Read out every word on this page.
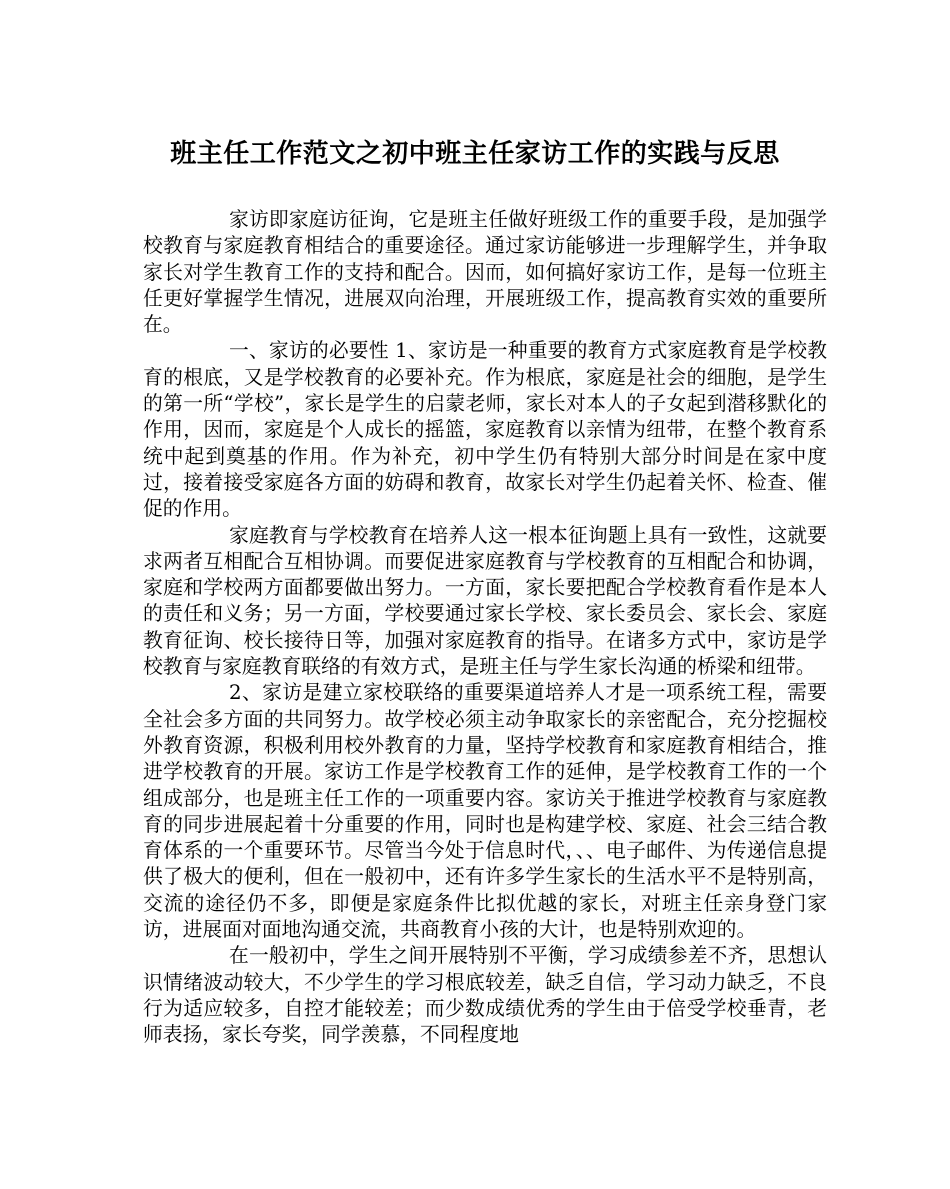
班主任工作范文之初中班主任家访工作的实践与反思

家访即家庭访征询，它是班主任做好班级工作的重要手段，是加强学校教育与家庭教育相结合的重要途径。通过家访能够进一步理解学生，并争取家长对学生教育工作的支持和配合。因而，如何搞好家访工作，是每一位班主任更好掌握学生情况，进展双向治理，开展班级工作，提高教育实效的重要所在。

一、家访的必要性 1、家访是一种重要的教育方式家庭教育是学校教育的根底，又是学校教育的必要补充。作为根底，家庭是社会的细胞，是学生的第一所“学校”，家长是学生的启蒙老师，家长对本人的子女起到潜移默化的作用，因而，家庭是个人成长的摇篮，家庭教育以亲情为纽带，在整个教育系统中起到奠基的作用。作为补充，初中学生仍有特别大部分时间是在家中度过，接着接受家庭各方面的妨碍和教育，故家长对学生仍起着关怀、检查、催促的作用。

家庭教育与学校教育在培养人这一根本征询题上具有一致性，这就要求两者互相配合互相协调。而要促进家庭教育与学校教育的互相配合和协调，家庭和学校两方面都要做出努力。一方面，家长要把配合学校教育看作是本人的责任和义务；另一方面，学校要通过家长学校、家长委员会、家长会、家庭教育征询、校长接待日等，加强对家庭教育的指导。在诸多方式中，家访是学校教育与家庭教育联络的有效方式，是班主任与学生家长沟通的桥梁和纽带。

2、家访是建立家校联络的重要渠道培养人才是一项系统工程，需要全社会多方面的共同努力。故学校必须主动争取家长的亲密配合，充分挖掘校外教育资源，积极利用校外教育的力量，坚持学校教育和家庭教育相结合，推进学校教育的开展。家访工作是学校教育工作的延伸，是学校教育工作的一个组成部分，也是班主任工作的一项重要内容。家访关于推进学校教育与家庭教育的同步进展起着十分重要的作用，同时也是构建学校、家庭、社会三结合教育体系的一个重要环节。尽管当今处于信息时代，、、电子邮件、为传递信息提供了极大的便利，但在一般初中，还有许多学生家长的生活水平不是特别高，交流的途径仍不多，即便是家庭条件比拟优越的家长，对班主任亲身登门家访，进展面对面地沟通交流，共商教育小孩的大计，也是特别欢迎的。

在一般初中，学生之间开展特别不平衡，学习成绩参差不齐，思想认识情绪波动较大，不少学生的学习根底较差，缺乏自信，学习动力缺乏，不良行为适应较多，自控才能较差；而少数成绩优秀的学生由于倍受学校垂青，老师表扬，家长夸奖，同学羡慕，不同程度地
